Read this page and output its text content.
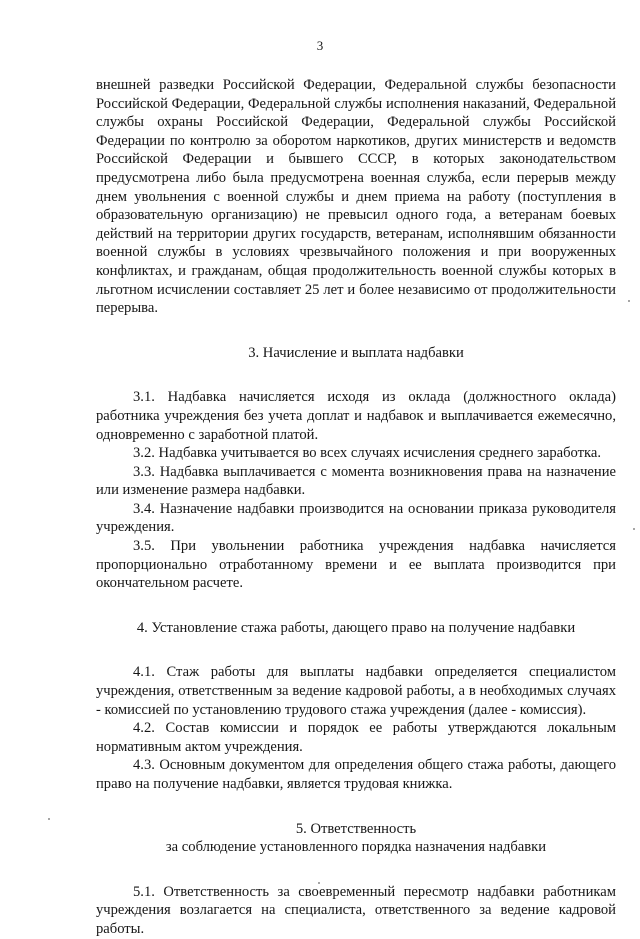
3

внешней разведки Российской Федерации, Федеральной службы безопасности Российской Федерации, Федеральной службы исполнения наказаний, Федеральной службы охраны Российской Федерации, Федеральной службы Российской Федерации по контролю за оборотом наркотиков, других министерств и ведомств Российской Федерации и бывшего СССР, в которых законодательством предусмотрена либо была предусмотрена военная служба, если перерыв между днем увольнения с военной службы и днем приема на работу (поступления в образовательную организацию) не превысил одного года, а ветеранам боевых действий на территории других государств, ветеранам, исполнявшим обязанности военной службы в условиях чрезвычайного положения и при вооруженных конфликтах, и гражданам, общая продолжительность военной службы которых в льготном исчислении составляет 25 лет и более независимо от продолжительности перерыва.

3. Начисление и выплата надбавки

3.1. Надбавка начисляется исходя из оклада (должностного оклада) работника учреждения без учета доплат и надбавок и выплачивается ежемесячно, одновременно с заработной платой.

3.2. Надбавка учитывается во всех случаях исчисления среднего заработка.

3.3. Надбавка выплачивается с момента возникновения права на назначение или изменение размера надбавки.

3.4. Назначение надбавки производится на основании приказа руководителя учреждения.

3.5. При увольнении работника учреждения надбавка начисляется пропорционально отработанному времени и ее выплата производится при окончательном расчете.

4. Установление стажа работы, дающего право на получение надбавки

4.1. Стаж работы для выплаты надбавки определяется специалистом учреждения, ответственным за ведение кадровой работы, а в необходимых случаях - комиссией по установлению трудового стажа учреждения (далее - комиссия).

4.2. Состав комиссии и порядок ее работы утверждаются локальным нормативным актом учреждения.

4.3. Основным документом для определения общего стажа работы, дающего право на получение надбавки, является трудовая книжка.

5. Ответственность

за соблюдение установленного порядка назначения надбавки

5.1. Ответственность за своевременный пересмотр надбавки работникам учреждения возлагается на специалиста, ответственного за ведение кадровой работы.
